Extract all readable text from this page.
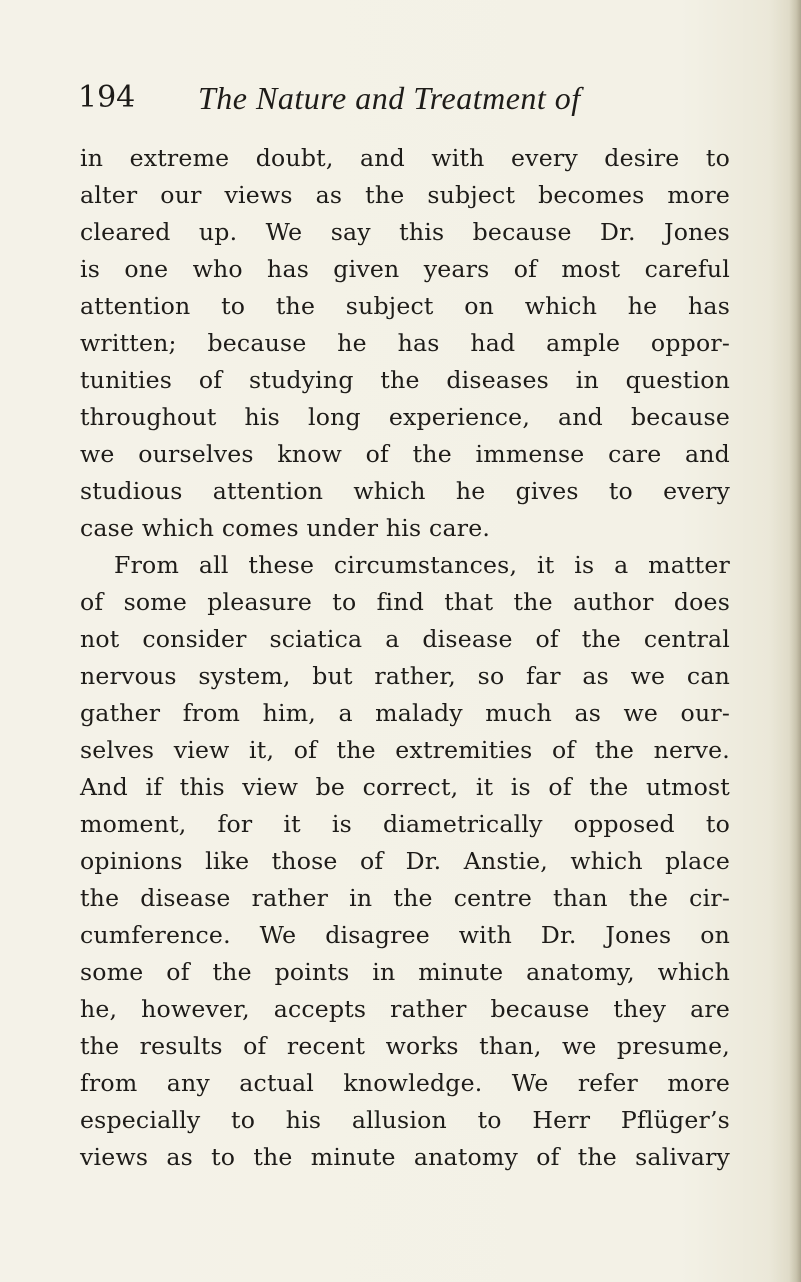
194 The Nature and Treatment of
in extreme doubt, and with every desire to
alter our views as the subject becomes more
cleared up. We say this because Dr. Jones
is one who has given years of most careful
attention to the subject on which he has
written; because he has had ample oppor-
tunities of studying the diseases in question
throughout his long experience, and because
we ourselves know of the immense care and
studious attention which he gives to every
case which comes under his care.
From all these circumstances, it is a matter
of some pleasure to find that the author does
not consider sciatica a disease of the central
nervous system, but rather, so far as we can
gather from him, a malady much as we our-
selves view it, of the extremities of the nerve.
And if this view be correct, it is of the utmost
moment, for it is diametrically opposed to
opinions like those of Dr. Anstie, which place
the disease rather in the centre than the cir-
cumference. We disagree with Dr. Jones on
some of the points in minute anatomy, which
he, however, accepts rather because they are
the results of recent works than, we presume,
from any actual knowledge. We refer more
especially to his allusion to Herr Pflüger’s
views as to the minute anatomy of the salivary
